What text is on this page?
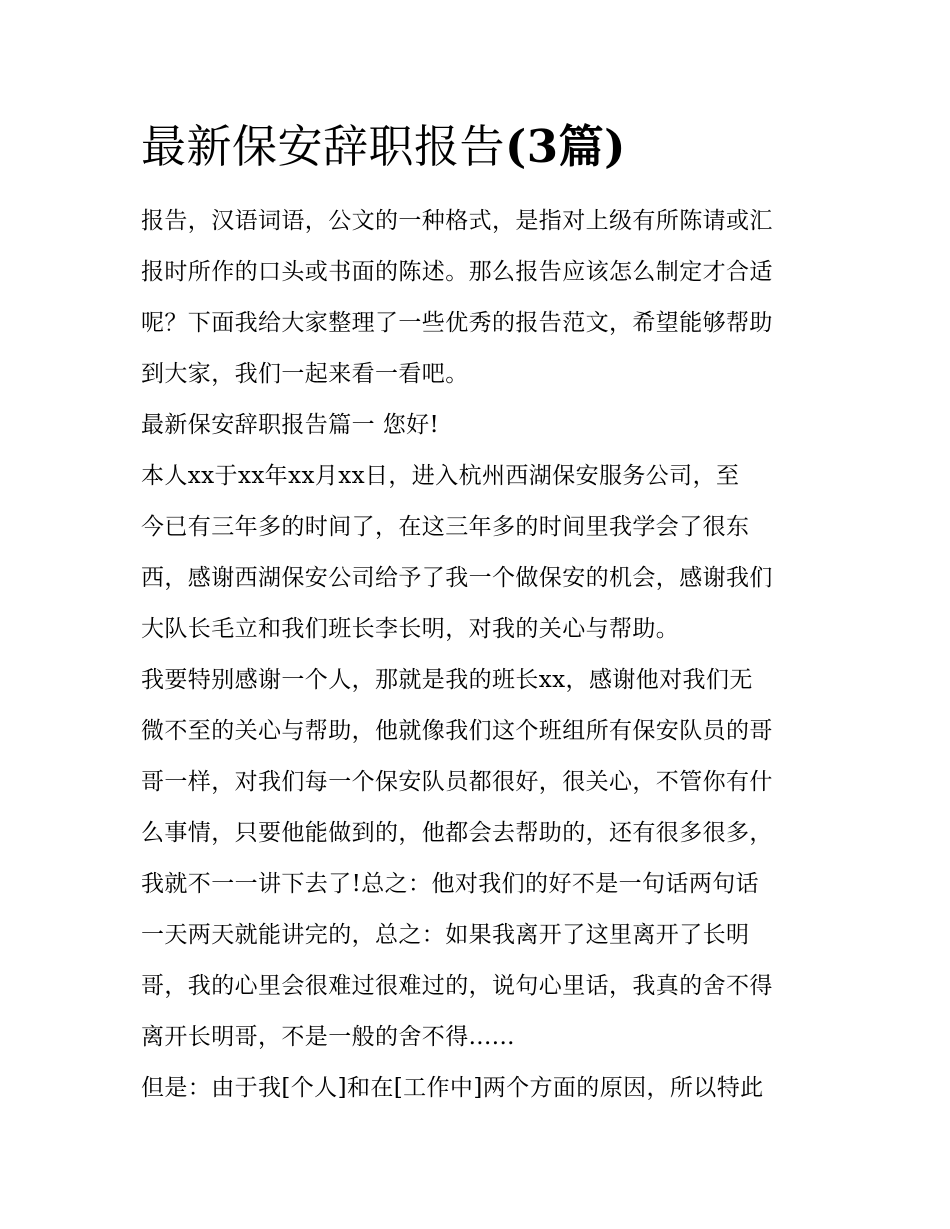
最新保安辞职报告(3篇)

报告，汉语词语，公文的一种格式，是指对上级有所陈请或汇
报时所作的口头或书面的陈述。那么报告应该怎么制定才合适
呢？下面我给大家整理了一些优秀的报告范文，希望能够帮助
到大家，我们一起来看一看吧。

最新保安辞职报告篇一 您好!

本人xx于xx年xx月xx日，进入杭州西湖保安服务公司，至
今已有三年多的时间了，在这三年多的时间里我学会了很东
西，感谢西湖保安公司给予了我一个做保安的机会，感谢我们
大队长毛立和我们班长李长明，对我的关心与帮助。

我要特别感谢一个人，那就是我的班长xx，感谢他对我们无
微不至的关心与帮助，他就像我们这个班组所有保安队员的哥
哥一样，对我们每一个保安队员都很好，很关心，不管你有什
么事情，只要他能做到的，他都会去帮助的，还有很多很多，
我就不一一讲下去了!总之：他对我们的好不是一句话两句话
一天两天就能讲完的，总之：如果我离开了这里离开了长明
哥，我的心里会很难过很难过的，说句心里话，我真的舍不得
离开长明哥，不是一般的舍不得......

但是：由于我[个人]和在[工作中]两个方面的原因，所以特此
